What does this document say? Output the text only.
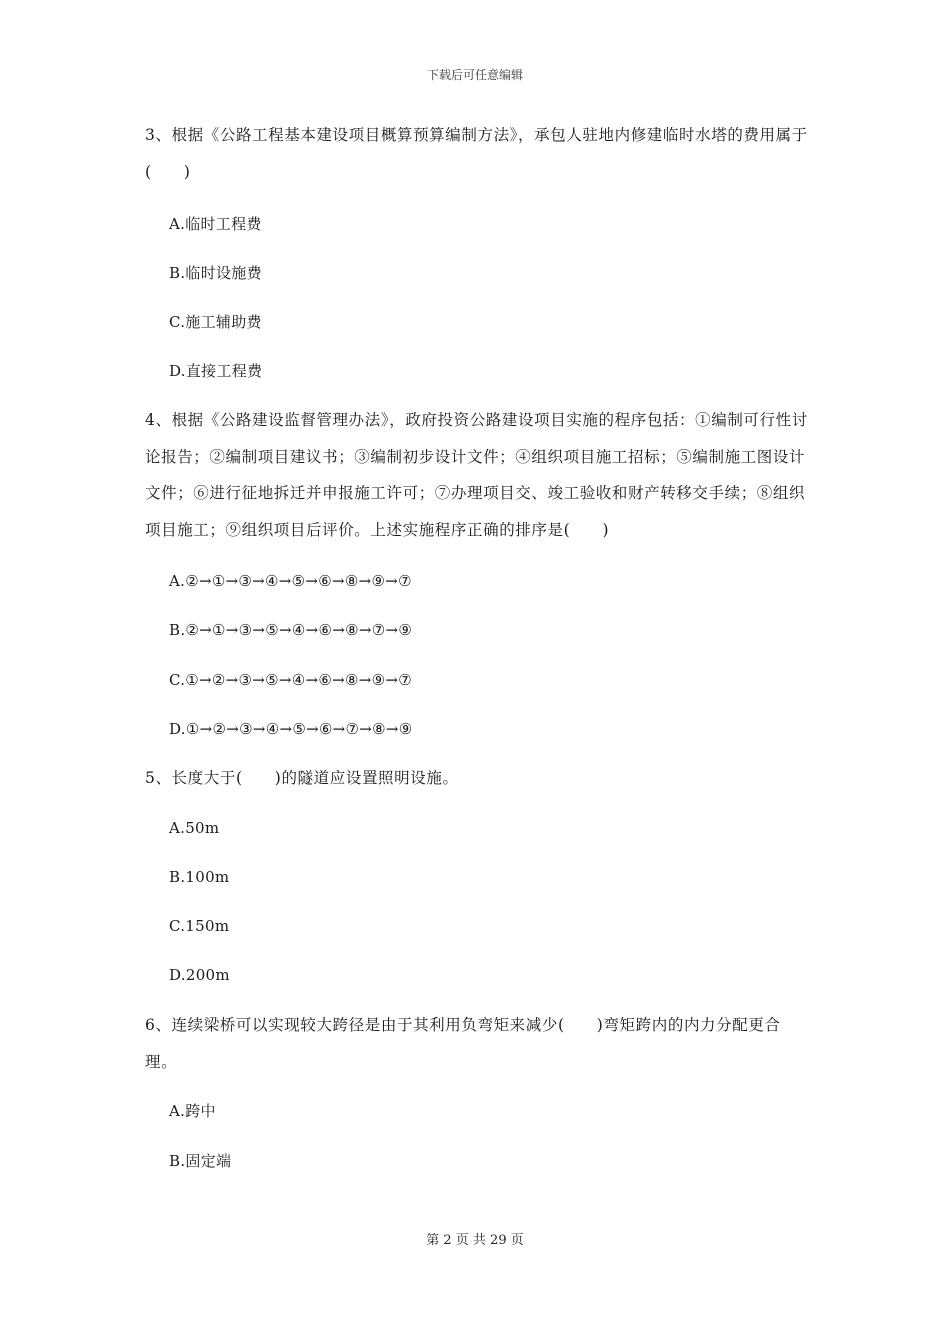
下载后可任意编辑

3、根据《公路工程基本建设项目概算预算编制方法》，承包人驻地内修建临时水塔的费用属于(　　)

A.临时工程费
B.临时设施费
C.施工辅助费
D.直接工程费

4、根据《公路建设监督管理办法》，政府投资公路建设项目实施的程序包括：①编制可行性讨论报告；②编制项目建议书；③编制初步设计文件；④组织项目施工招标；⑤编制施工图设计文件；⑥进行征地拆迁并申报施工许可；⑦办理项目交、竣工验收和财产转移交手续；⑧组织项目施工；⑨组织项目后评价。上述实施程序正确的排序是(　　)

A.②→①→③→④→⑤→⑥→⑧→⑨→⑦
B.②→①→③→⑤→④→⑥→⑧→⑦→⑨
C.①→②→③→⑤→④→⑥→⑧→⑨→⑦
D.①→②→③→④→⑤→⑥→⑦→⑧→⑨

5、长度大于(　　)的隧道应设置照明设施。

A.50m
B.100m
C.150m
D.200m

6、连续梁桥可以实现较大跨径是由于其利用负弯矩来减少(　　)弯矩跨内的内力分配更合理。

A.跨中
B.固定端
第 2 页 共 29 页
